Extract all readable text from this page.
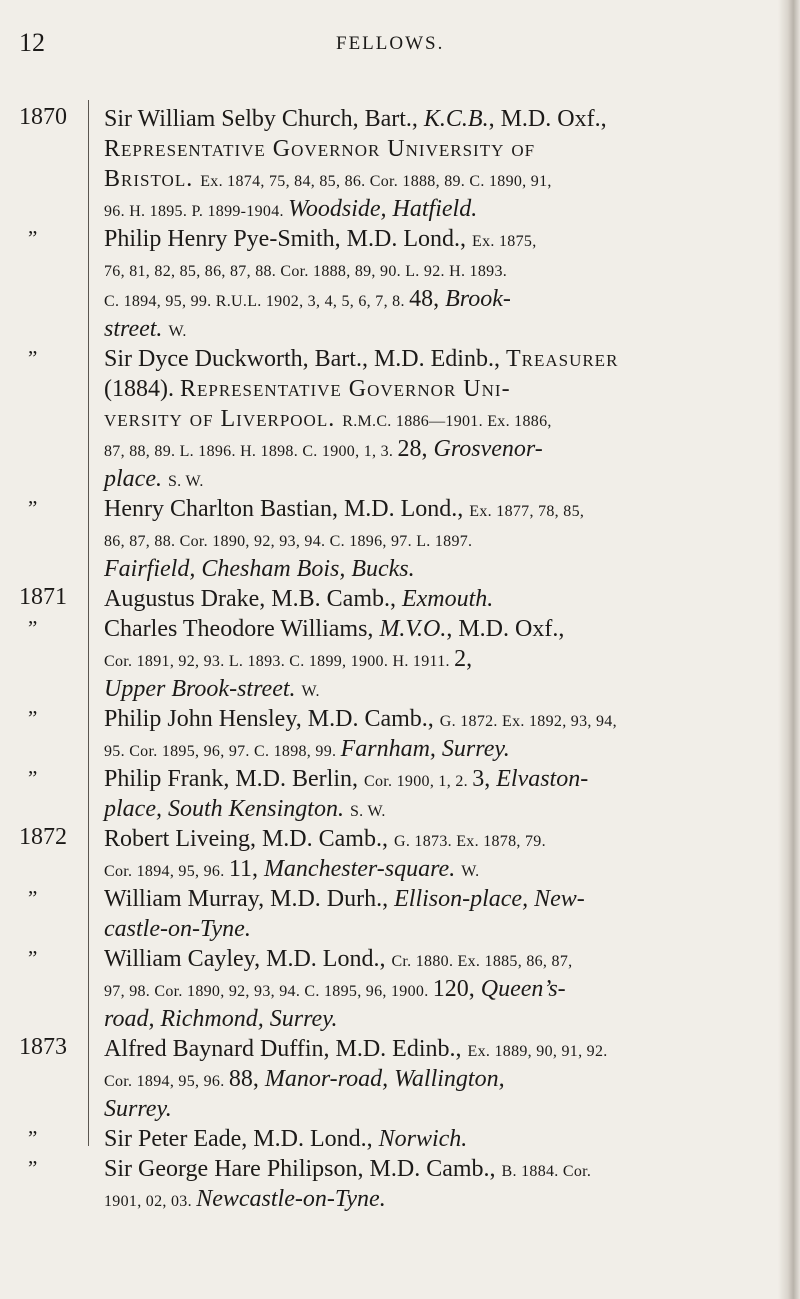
12	FELLOWS.
1870	Sir William Selby Church, Bart., K.C.B., M.D. Oxf.,
Representative Governor University of
Bristol. Ex. 1874, 75, 84, 85, 86. Cor. 1888, 89. C. 1890, 91,
96. H. 1895. P. 1899-1904. Woodside, Hatfield.
”	Philip Henry Pye-Smith, M.D. Lond., Ex. 1875,
76, 81, 82, 85, 86, 87, 88. Cor. 1888, 89, 90. L. 92. H. 1893.
C. 1894, 95, 99. R.U.L. 1902, 3, 4, 5, 6, 7, 8. 48, Brook-
street. W.
”	Sir Dyce Duckworth, Bart., M.D. Edinb., Treasurer
(1884). Representative Governor Uni-
versity of Liverpool. R.M.C. 1886—1901. Ex. 1886,
87, 88, 89. L. 1896. H. 1898. C. 1900, 1, 3. 28, Grosvenor-
place. S. W.
”	Henry Charlton Bastian, M.D. Lond., Ex. 1877, 78, 85,
86, 87, 88. Cor. 1890, 92, 93, 94. C. 1896, 97. L. 1897.
Fairfield, Chesham Bois, Bucks.
1871	Augustus Drake, M.B. Camb., Exmouth.
”	Charles Theodore Williams, M.V.O., M.D. Oxf.,
Cor. 1891, 92, 93. L. 1893. C. 1899, 1900. H. 1911. 2,
Upper Brook-street. W.
”	Philip John Hensley, M.D. Camb., G. 1872. Ex. 1892, 93, 94,
95. Cor. 1895, 96, 97. C. 1898, 99. Farnham, Surrey.
”	Philip Frank, M.D. Berlin, Cor. 1900, 1, 2. 3, Elvaston-
place, South Kensington. S. W.
1872	Robert Liveing, M.D. Camb., G. 1873. Ex. 1878, 79.
Cor. 1894, 95, 96. 11, Manchester-square. W.
”	William Murray, M.D. Durh., Ellison-place, New-
castle-on-Tyne.
”	William Cayley, M.D. Lond., Cr. 1880. Ex. 1885, 86, 87,
97, 98. Cor. 1890, 92, 93, 94. C. 1895, 96, 1900. 120, Queen’s-
road, Richmond, Surrey.
1873	Alfred Baynard Duffin, M.D. Edinb., Ex. 1889, 90, 91, 92.
Cor. 1894, 95, 96. 88, Manor-road, Wallington,
Surrey.
”	Sir Peter Eade, M.D. Lond., Norwich.
”	Sir George Hare Philipson, M.D. Camb., B. 1884. Cor.
1901, 02, 03. Newcastle-on-Tyne.
